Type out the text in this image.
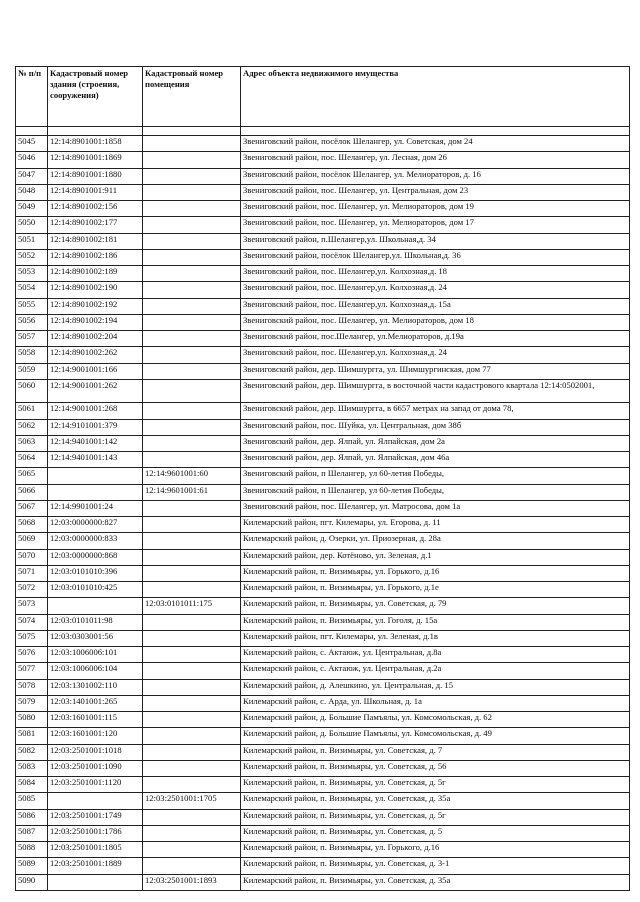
№ п/п	Кадастровый номер здания (строения, сооружения)	Кадастровый номер помещения	Адрес объекта недвижимого имущества

5045	12:14:8901001:1858		Звениговский район, посёлок Шелангер, ул. Советская, дом 24
5046	12:14:8901001:1869		Звениговский район, пос. Шелангер, ул. Лесная, дом 26
5047	12:14:8901001:1880		Звениговский район, посёлок Шелангер, ул. Мелиораторов, д. 16
5048	12:14:8901001:911		Звениговский район, пос. Шелангер, ул. Центральная, дом 23
5049	12:14:8901002:156		Звениговский район, пос. Шелангер, ул. Мелиораторов, дом 19
5050	12:14:8901002:177		Звениговский район, пос. Шелангер, ул. Мелиораторов, дом 17
5051	12:14:8901002:181		Звениговский район, п.Шелангер,ул. Школьная,д. 34
5052	12:14:8901002:186		Звениговский район, посёлок Шелангер,ул. Школьная,д. 36
5053	12:14:8901002:189		Звениговский район, пос. Шелангер,ул. Колхозная,д. 18
5054	12:14:8901002:190		Звениговский район, пос. Шелангер,ул. Колхозная,д. 24
5055	12:14:8901002:192		Звениговский район, пос. Шелангер,ул. Колхозная,д. 15а
5056	12:14:8901002:194		Звениговский район, пос. Шелангер, ул. Мелиораторов, дом 18
5057	12:14:8901002:204		Звениговский район, пос.Шелангер, ул.Мелиораторов, д.19а
5058	12:14:8901002:262		Звениговский район, пос. Шелангер,ул. Колхозная,д. 24
5059	12:14:9001001:166		Звениговский район, дер. Шимшургга, ул. Шимшургинская, дом 77
5060	12:14:9001001:262		Звениговский район, дер. Шимшургга, в восточной части кадастрового квартала 12:14:0502001,
5061	12:14:9001001:268		Звениговский район, дер. Шимшургга, в 6657 метрах на запад от дома 78,
5062	12:14:9101001:379		Звениговский район, пос. Шуйка, ул. Центральная, дом 38б
5063	12:14:9401001:142		Звениговский район, дер. Ялпай, ул. Ялпайская, дом 2а
5064	12:14:9401001:143		Звениговский район, дер. Ялпай, ул. Ялпайская, дом 46а
5065		12:14:9601001:60	Звениговский район, п Шелангер, ул 60-летия Победы,
5066		12:14:9601001:61	Звениговский район, п Шелангер, ул 60-летия Победы,
5067	12:14:9901001:24		Звениговский район, пос. Шелангер, ул. Матросова, дом 1а
5068	12:03:0000000:827		Килемарский район, пгт. Килемары, ул. Егорова, д. 11
5069	12:03:0000000:833		Килемарский район, д. Озерки, ул. Приозерная, д. 28а
5070	12:03:0000000:868		Килемарский район, дер. Котёново, ул. Зеленая, д.1
5071	12:03:0101010:396		Килемарский район, п. Визимьяры, ул. Горького, д.16
5072	12:03:0101010:425		Килемарский район, п. Визимьяры, ул. Горького, д.1е
5073		12:03:0101011:175	Килемарский район, п. Визимьяры, ул. Советская, д. 79
5074	12:03:0101011:98		Килемарский район, п. Визимьяры, ул. Гоголя, д. 15а
5075	12:03:0303001:56		Килемарский район, пгт. Килемары, ул. Зеленая, д.1в
5076	12:03:1006006:101		Килемарский район, с. Актаюж, ул. Центральная, д.8а
5077	12:03:1006006:104		Килемарский район, с. Актаюж, ул. Центральная, д.2а
5078	12:03:1301002:110		Килемарский район, д. Алешкино, ул. Центральная, д. 15
5079	12:03:1401001:265		Килемарский район, с. Арда, ул. Школьная, д. 1а
5080	12:03:1601001:115		Килемарский район, д. Большие Памъялы, ул. Комсомольская, д. 62
5081	12:03:1601001:120		Килемарский район, д. Большие Памъялы, ул. Комсомольская, д. 49
5082	12:03:2501001:1018		Килемарский район, п. Визимьяры, ул. Советская, д. 7
5083	12:03:2501001:1090		Килемарский район, п. Визимьяры, ул. Советская, д. 56
5084	12:03:2501001:1120		Килемарский район, п. Визимьяры, ул. Советская, д. 5г
5085		12:03:2501001:1705	Килемарский район, п. Визимьяры, ул. Советская, д. 35а
5086	12:03:2501001:1749		Килемарский район, п. Визимьяры, ул. Советская, д. 5г
5087	12:03:2501001:1786		Килемарский район, п. Визимьяры, ул. Советская, д. 5
5088	12:03:2501001:1805		Килемарский район, п. Визимьяры, ул. Горького, д.16
5089	12:03:2501001:1889		Килемарский район, п. Визимьяры, ул. Советская, д. 3-1
5090		12:03:2501001:1893	Килемарский район, п. Визимьяры, ул. Советская, д. 35а
